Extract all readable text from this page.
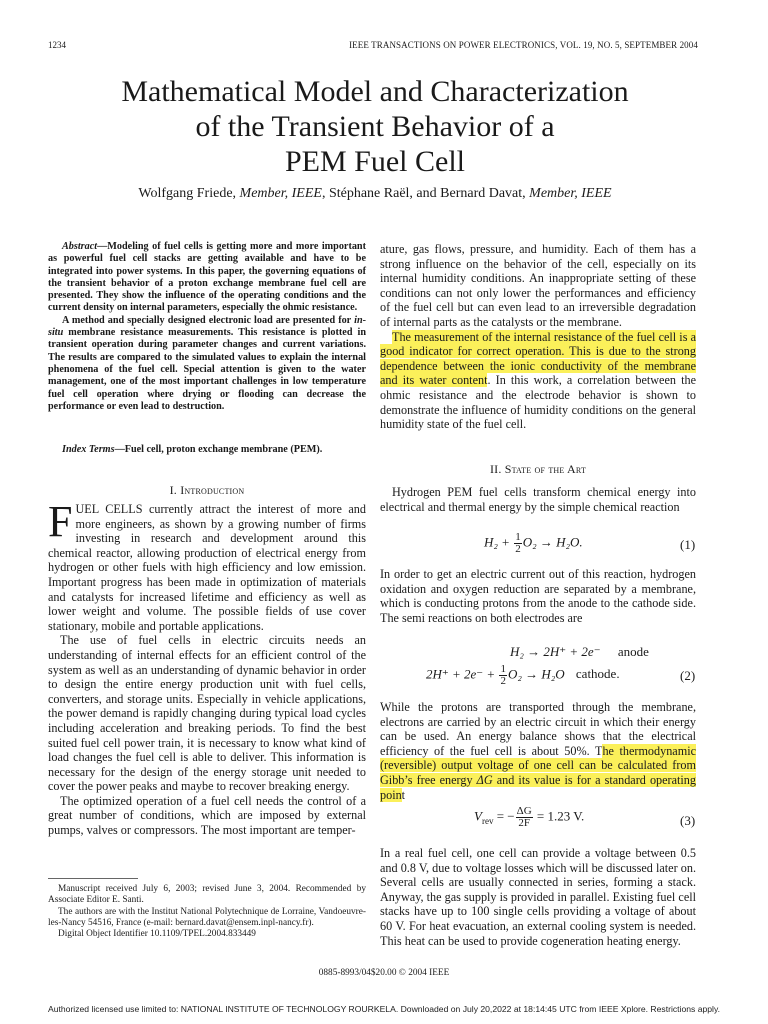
1234	IEEE TRANSACTIONS ON POWER ELECTRONICS, VOL. 19, NO. 5, SEPTEMBER 2004
Mathematical Model and Characterization
of the Transient Behavior of a
PEM Fuel Cell
Wolfgang Friede, Member, IEEE, Stéphane Raël, and Bernard Davat, Member, IEEE

Abstract—Modeling of fuel cells is getting more and more important as powerful fuel cell stacks are getting available and have to be integrated into power systems. In this paper, the governing equations of the transient behavior of a proton exchange membrane fuel cell are presented. They show the influence of the operating conditions and the current density on internal parameters, especially the ohmic resistance.

A method and specially designed electronic load are presented for in-situ membrane resistance measurements. This resistance is plotted in transient operation during parameter changes and current variations. The results are compared to the simulated values to explain the internal phenomena of the fuel cell. Special attention is given to the water management, one of the most important challenges in low temperature fuel cell operation where drying or flooding can decrease the performance or even lead to destruction.

Index Terms—Fuel cell, proton exchange membrane (PEM).

I. Introduction

FUEL CELLS currently attract the interest of more and more engineers, as shown by a growing number of firms investing in research and development around this chemical reactor, allowing production of electrical energy from hydrogen or other fuels with high efficiency and low emission. Important progress has been made in optimization of materials and catalysts for increased lifetime and efficiency as well as lower weight and volume. The possible fields of use cover stationary, mobile and portable applications.

The use of fuel cells in electric circuits needs an understanding of internal effects for an efficient control of the system as well as an understanding of dynamic behavior in order to design the entire energy production unit with fuel cells, converters, and storage units. Especially in vehicle applications, the power demand is rapidly changing during typical load cycles including acceleration and breaking periods. To find the best suited fuel cell power train, it is necessary to know what kind of load changes the fuel cell is able to deliver. This information is necessary for the design of the energy storage unit needed to cover the power peaks and maybe to recover breaking energy.

The optimized operation of a fuel cell needs the control of a great number of conditions, which are imposed by external pumps, valves or compressors. The most important are temper-

Manuscript received July 6, 2003; revised June 3, 2004. Recommended by Associate Editor E. Santi.

The authors are with the Institut National Polytechnique de Lorraine, Vandoeuvre-les-Nancy 54516, France (e-mail: bernard.davat@ensem.inpl-nancy.fr).

Digital Object Identifier 10.1109/TPEL.2004.833449

ature, gas flows, pressure, and humidity. Each of them has a strong influence on the behavior of the cell, especially on its internal humidity conditions. An inappropriate setting of these conditions can not only lower the performances and efficiency of the fuel cell but can even lead to an irreversible degradation of internal parts as the catalysts or the membrane.

The measurement of the internal resistance of the fuel cell is a good indicator for correct operation. This is due to the strong dependence between the ionic conductivity of the membrane and its water content. In this work, a correlation between the ohmic resistance and the electrode behavior is shown to demonstrate the influence of humidity conditions on the general humidity state of the fuel cell.

II. State of the Art

Hydrogen PEM fuel cells transform chemical energy into electrical and thermal energy by the simple chemical reaction

$H_2 + \frac{1}{2} O_2 \to H_2O$.	(1)

In order to get an electric current out of this reaction, hydrogen oxidation and oxygen reduction are separated by a membrane, which is conducting protons from the anode to the cathode side. The semi reactions on both electrodes are

H₂ → 2H⁺ + 2e⁻ anode
$2H^+ + 2e^- + \frac{1}{2} O_2 \to H_2O$ cathode.	(2)

While the protons are transported through the membrane, electrons are carried by an electric circuit in which their energy can be used. An energy balance shows that the electrical efficiency of the fuel cell is about 50%. The thermodynamic (reversible) output voltage of one cell can be calculated from Gibb’s free energy ΔG and its value is for a standard operating point

$V_{rev}$ = − $\frac{\Delta G}{2F} = 1.23$ V.	(3)

In a real fuel cell, one cell can provide a voltage between 0.5 and 0.8 V, due to voltage losses which will be discussed later on. Several cells are usually connected in series, forming a stack. Anyway, the gas supply is provided in parallel. Existing fuel cell stacks have up to 100 single cells providing a voltage of about 60 V. For heat evacuation, an external cooling system is needed. This heat can be used to provide cogeneration heating energy.

0885-8993/04$20.00 © 2004 IEEE
Authorized licensed use limited to: NATIONAL INSTITUTE OF TECHNOLOGY ROURKELA. Downloaded on July 20,2022 at 18:14:45 UTC from IEEE Xplore. Restrictions apply.
